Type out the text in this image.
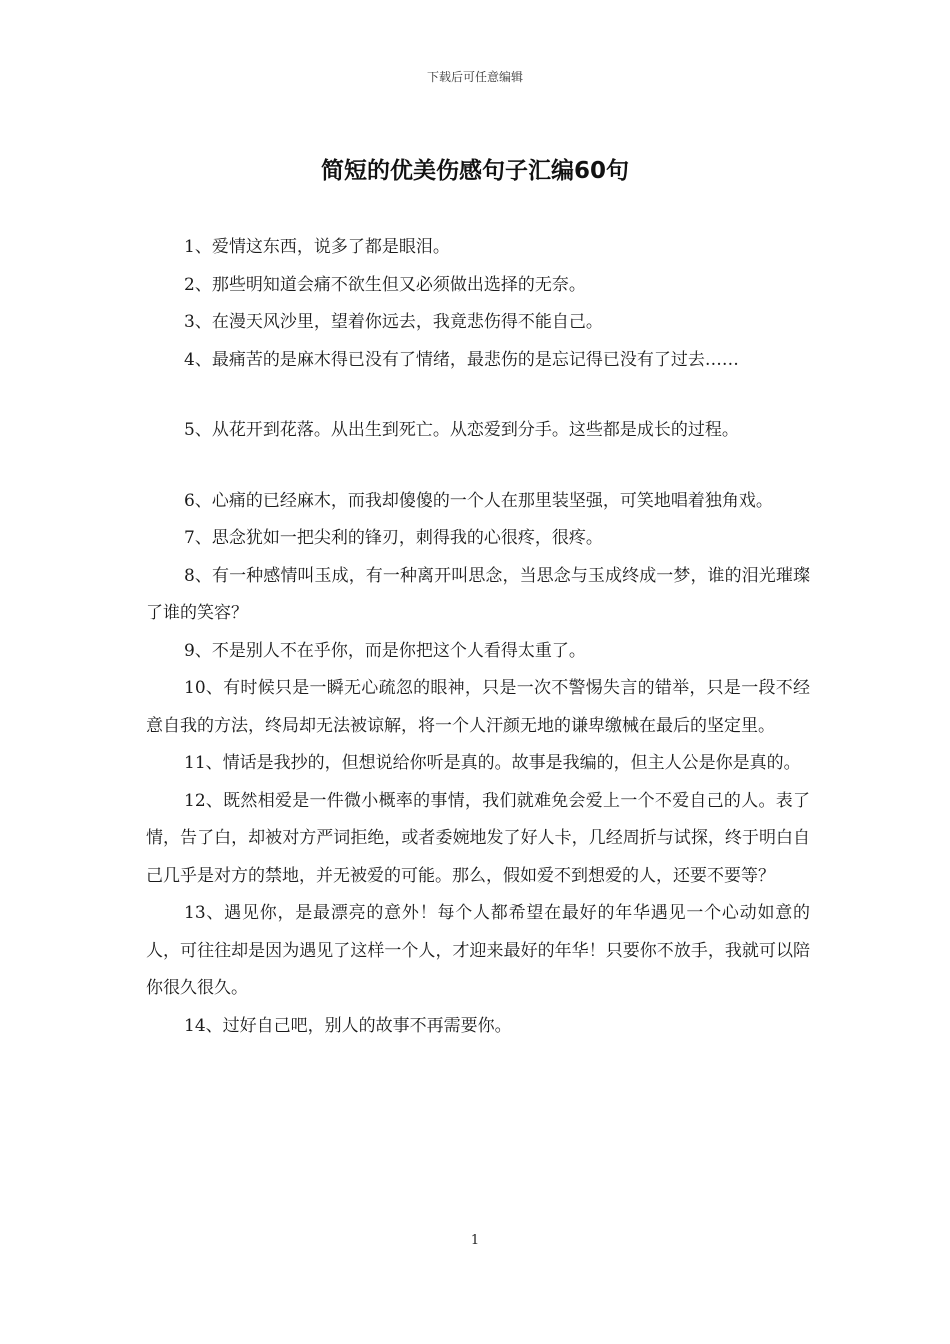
下载后可任意编辑
简短的优美伤感句子汇编60句

1、爱情这东西，说多了都是眼泪。

2、那些明知道会痛不欲生但又必须做出选择的无奈。

3、在漫天风沙里，望着你远去，我竟悲伤得不能自己。

4、最痛苦的是麻木得已没有了情绪，最悲伤的是忘记得已没有了过去……

5、从花开到花落。从出生到死亡。从恋爱到分手。这些都是成长的过程。

6、心痛的已经麻木，而我却傻傻的一个人在那里装坚强，可笑地唱着独角戏。

7、思念犹如一把尖利的锋刃，刺得我的心很疼，很疼。

8、有一种感情叫玉成，有一种离开叫思念，当思念与玉成终成一梦，谁的泪光璀璨了谁的笑容？

9、不是别人不在乎你，而是你把这个人看得太重了。

10、有时候只是一瞬无心疏忽的眼神，只是一次不警惕失言的错举，只是一段不经意自我的方法，终局却无法被谅解，将一个人汗颜无地的谦卑缴械在最后的坚定里。

11、情话是我抄的，但想说给你听是真的。故事是我编的，但主人公是你是真的。

12、既然相爱是一件微小概率的事情，我们就难免会爱上一个不爱自己的人。表了情，告了白，却被对方严词拒绝，或者委婉地发了好人卡，几经周折与试探，终于明白自己几乎是对方的禁地，并无被爱的可能。那么，假如爱不到想爱的人，还要不要等？

13、遇见你，是最漂亮的意外！每个人都希望在最好的年华遇见一个心动如意的人，可往往却是因为遇见了这样一个人，才迎来最好的年华！只要你不放手，我就可以陪你很久很久。

14、过好自己吧，别人的故事不再需要你。

1
